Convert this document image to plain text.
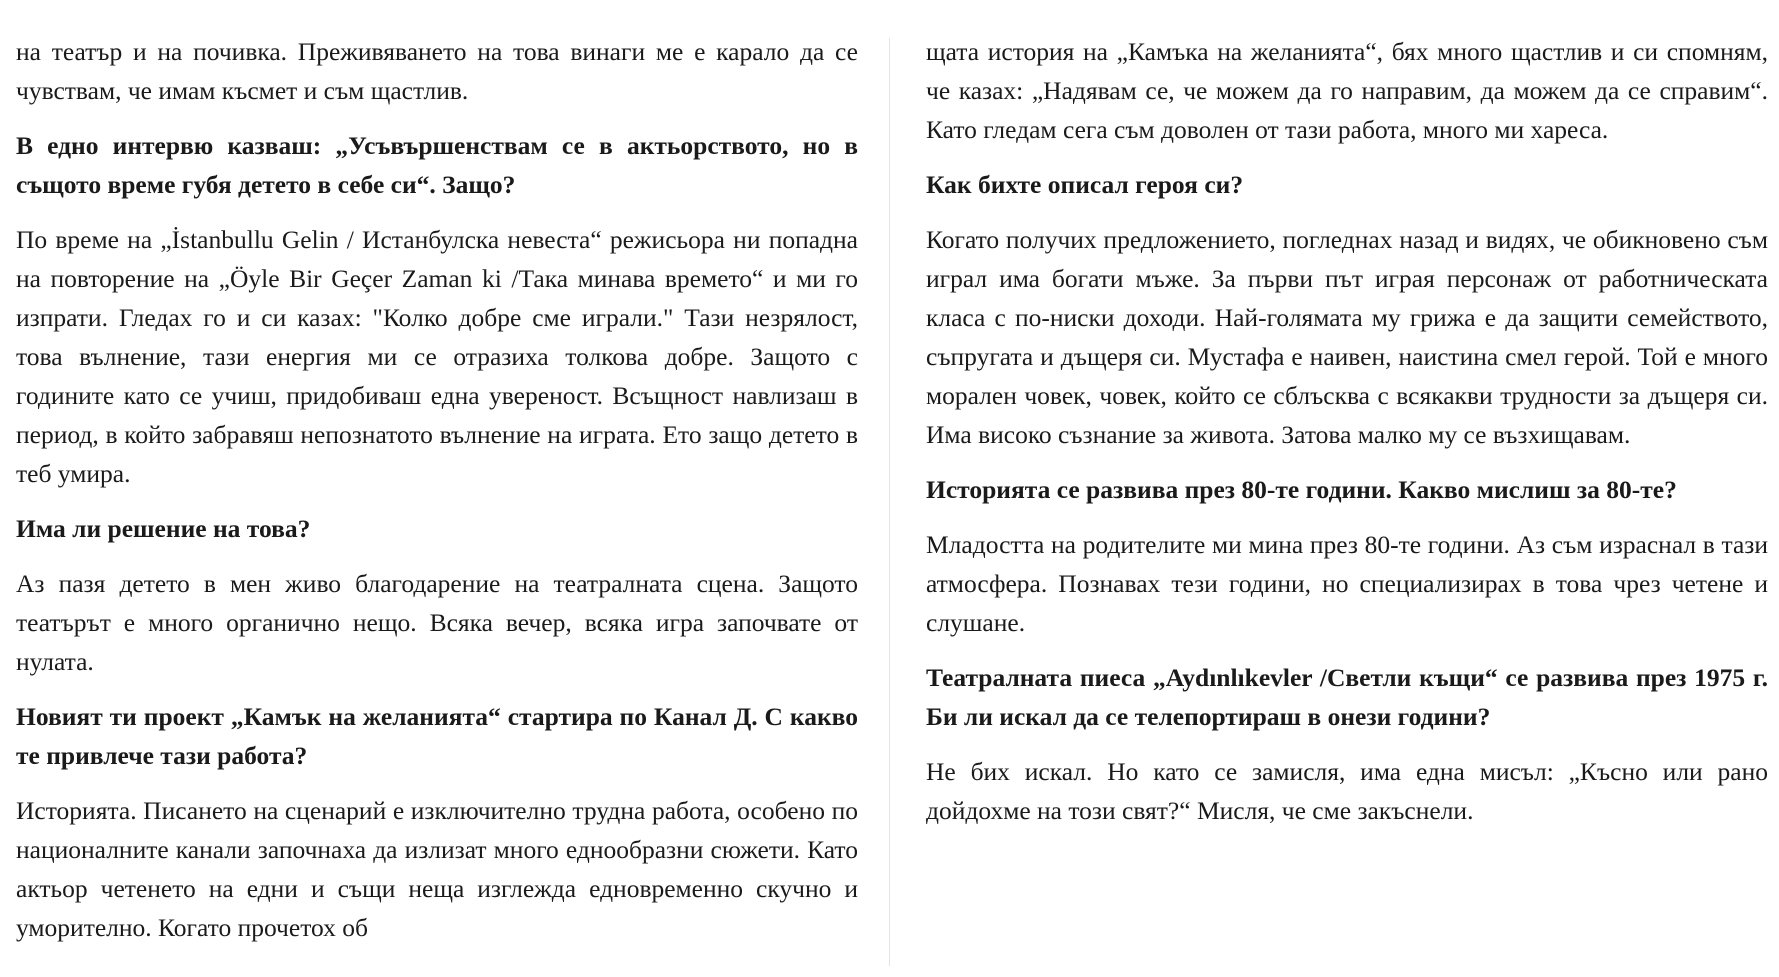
на театър и на почивка. Преживяването на това винаги ме е карало да се чувствам, че имам късмет и съм щастлив.

В едно интервю казваш: „Усъвършенствам се в актьорството, но в същото време губя детето в себе си“. Защо?

По време на „İstanbullu Gelin / Истанбулска невеста“ режисьора ни попадна на повторение на „Öyle Bir Geçer Zaman ki /Така минава времето“ и ми го изпрати. Гледах го и си казах: "Колко добре сме играли." Тази незрялост, това вълнение, тази енергия ми се отразиха толкова добре. Защото с годините като се учиш, придобиваш една увереност. Всъщност навлизаш в период, в който забравяш непознатото вълнение на играта. Ето защо детето в теб умира.

Има ли решение на това?

Аз пазя детето в мен живо благодарение на театралната сцена. Защото театърът е много органично нещо. Всяка вечер, всяка игра започвате от нулата.

Новият ти проект „Камък на желанията“ стартира по Канал Д. С какво те привлече тази работа?

Историята. Писането на сценарий е изключително трудна работа, особено по националните канали започнаха да излизат много еднообразни сюжети. Като актьор четенето на едни и същи неща изглежда едновременно скучно и уморително. Когато прочетох об

щата история на „Камъка на желанията“, бях много щастлив и си спомням, че казах: „Надявам се, че можем да го направим, да можем да се справим“. Като гледам сега съм доволен от тази работа, много ми хареса.

Как бихте описал героя си?

Когато получих предложението, погледнах назад и видях, че обикновено съм играл има богати мъже. За първи път играя персонаж от работническата класа с по-ниски доходи. Най-голямата му грижа е да защити семейството, съпругата и дъщеря си. Мустафа е наивен, наистина смел герой. Той е много морален човек, човек, който се сблъсква с всякакви трудности за дъщеря си. Има високо съзнание за живота. Затова малко му се възхищавам.

Историята се развива през 80-те години. Какво мислиш за 80-те?

Младостта на родителите ми мина през 80-те години. Аз съм израснал в тази атмосфера. Познавах тези години, но специализирах в това чрез четене и слушане.

Театралната пиеса „Aydınlıkevler /Светли къщи“ се развива през 1975 г. Би ли искал да се телепортираш в онези години?

Не бих искал. Но като се замисля, има една мисъл: „Късно или рано дойдохме на този свят?“ Мисля, че сме закъснели.
